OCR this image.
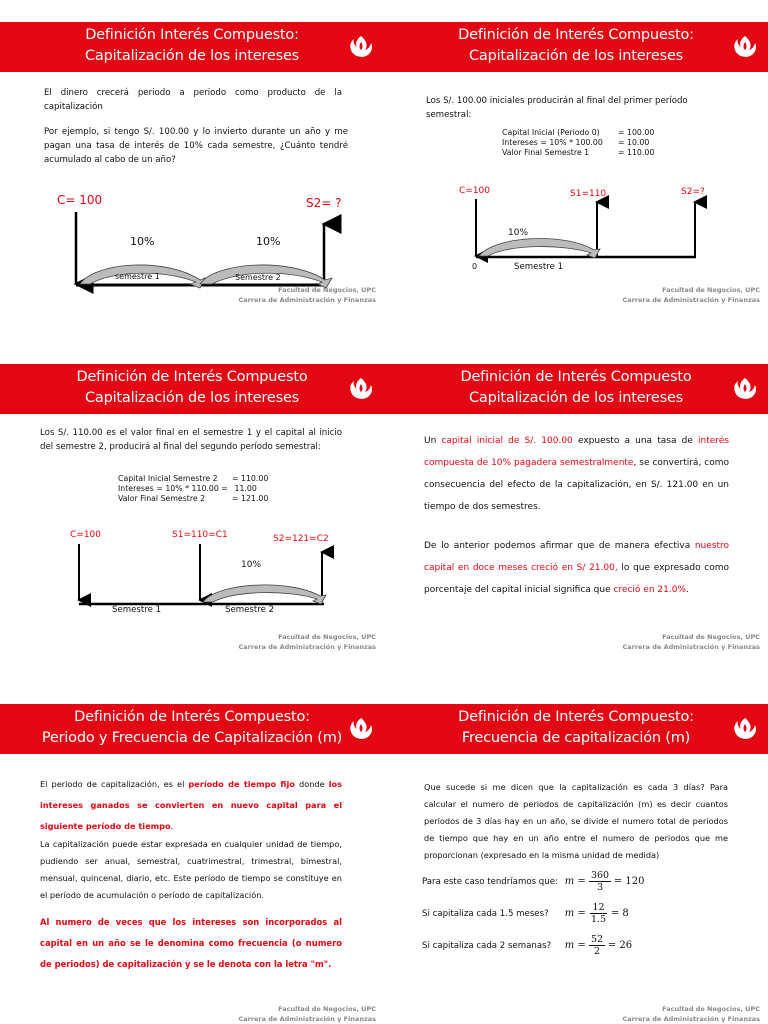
Definición Interés Compuesto:
Capitalización de los intereses
El dinero crecerá periodo a periodo como producto de la capitalización
Por ejemplo, si tengo S/. 100.00 y lo invierto durante un año y me pagan una tasa de interés de 10% cada semestre, ¿Cuánto tendré acumulado al cabo de un año?
C= 100	S2= ?
10%	10%
semestre 1	Semestre 2
Facultad de Negocios, UPC
Carrera de Administración y Finanzas
Definición de Interés Compuesto:
Capitalización de los intereses
Los S/. 100.00 iniciales producirán al final del primer período semestral:
Capital Inicial (Periodo 0) = 100.00
Intereses = 10% * 100.00 = 10.00
Valor Final Semestre 1	= 110.00
C=100	S1=110	S2=?
10%
0	Semestre 1
Facultad de Negocios, UPC
Carrera de Administración y Finanzas
Definición de Interés Compuesto
Capitalización de los intereses
Los S/. 110.00 es el valor final en el semestre 1 y el capital al inicio del semestre 2, producirá al final del segundo período semestral:
Capital Inicial Semestre 2 = 110.00
Intereses = 10% * 110.00 = 11.00
Valor Final Semestre 2	= 121.00
C=100	S1=110=C1	S2=121=C2
10%
Semestre 1	Semestre 2
Facultad de Negocios, UPC
Carrera de Administración y Finanzas
Definición de Interés Compuesto
Capitalización de los intereses
Un capital inicial de S/. 100.00 expuesto a una tasa de interés compuesta de 10% pagadera semestralmente, se convertirá, como consecuencia del efecto de la capitalización, en S/. 121.00 en un tiempo de dos semestres.
De lo anterior podemos afirmar que de manera efectiva nuestro capital en doce meses creció en S/ 21.00, lo que expresado como porcentaje del capital inicial significa que creció en 21.0%.
Facultad de Negocios, UPC
Carrera de Administración y Finanzas
Definición de Interés Compuesto:
Periodo y Frecuencia de Capitalización (m)
El periodo de capitalización, es el período de tiempo fijo donde los intereses ganados se convierten en nuevo capital para el siguiente período de tiempo.
La capitalización puede estar expresada en cualquier unidad de tiempo, pudiendo ser anual, semestral, cuatrimestral, trimestral, bimestral, mensual, quincenal, diario, etc. Este período de tiempo se constituye en el período de acumulación o período de capitalización.
Al numero de veces que los intereses son incorporados al capital en un año se le denomina como frecuencia (o numero de periodos) de capitalización y se le denota con la letra "m".
Facultad de Negocios, UPC
Carrera de Administración y Finanzas
Definición de Interés Compuesto:
Frecuencia de capitalización (m)
Que sucede si me dicen que la capitalización es cada 3 días? Para calcular el numero de periodos de capitalización (m) es decir cuantos periodos de 3 días hay en un año, se divide el numero total de periodos de tiempo que hay en un año entre el numero de periodos que me proporcionan (expresado en la misma unidad de medida)
Para este caso tendríamos que: $m = \frac{360}{3} = 120$
Si capitaliza cada 1.5 meses? $m = \frac{12}{1.5} = 8$
Si capitaliza cada 2 semanas? $m = \frac{52}{2} = 26$
Facultad de Negocios, UPC
Carrera de Administración y Finanzas
